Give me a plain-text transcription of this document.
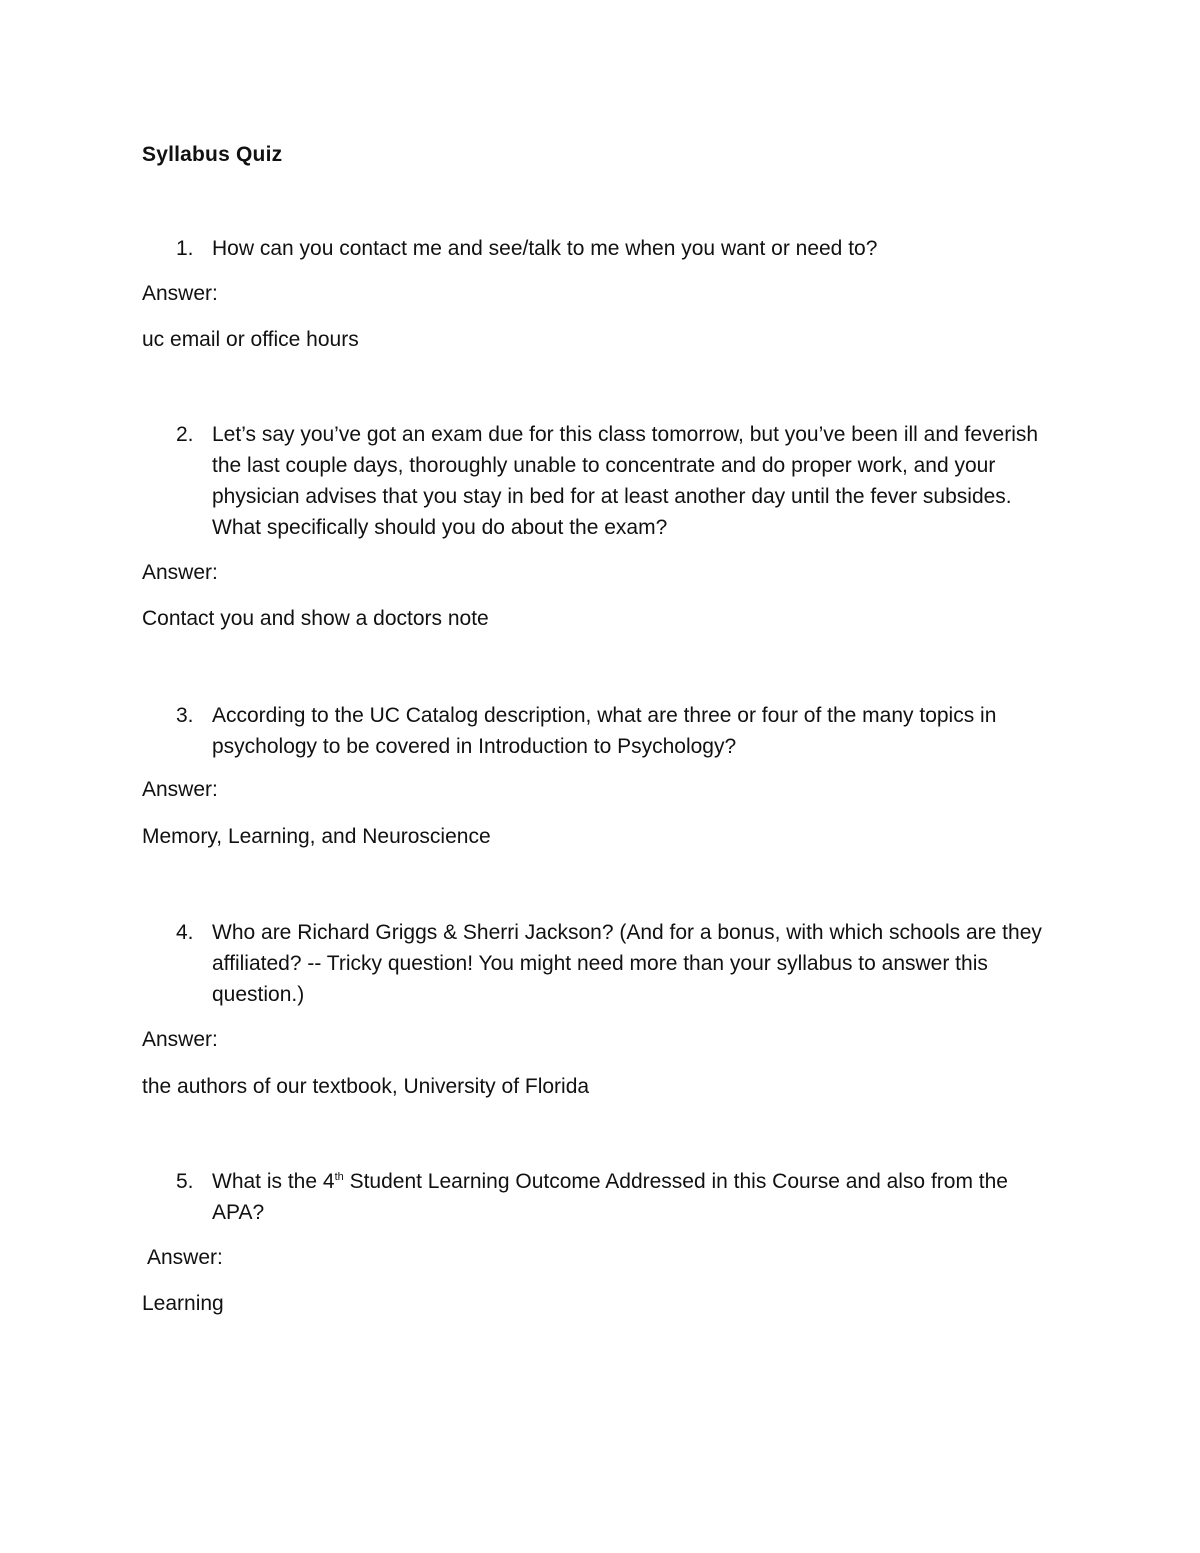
Syllabus Quiz
1. How can you contact me and see/talk to me when you want or need to?
Answer:
uc email or office hours
2. Let’s say you’ve got an exam due for this class tomorrow, but you’ve been ill and feverish the last couple days, thoroughly unable to concentrate and do proper work, and your physician advises that you stay in bed for at least another day until the fever subsides. What specifically should you do about the exam?
Answer:
Contact you and show a doctors note
3. According to the UC Catalog description, what are three or four of the many topics in psychology to be covered in Introduction to Psychology?
Answer:
Memory, Learning, and Neuroscience
4. Who are Richard Griggs & Sherri Jackson? (And for a bonus, with which schools are they affiliated? -- Tricky question! You might need more than your syllabus to answer this question.)
Answer:
the authors of our textbook, University of Florida
5. What is the 4th Student Learning Outcome Addressed in this Course and also from the APA?
Answer:
Learning
